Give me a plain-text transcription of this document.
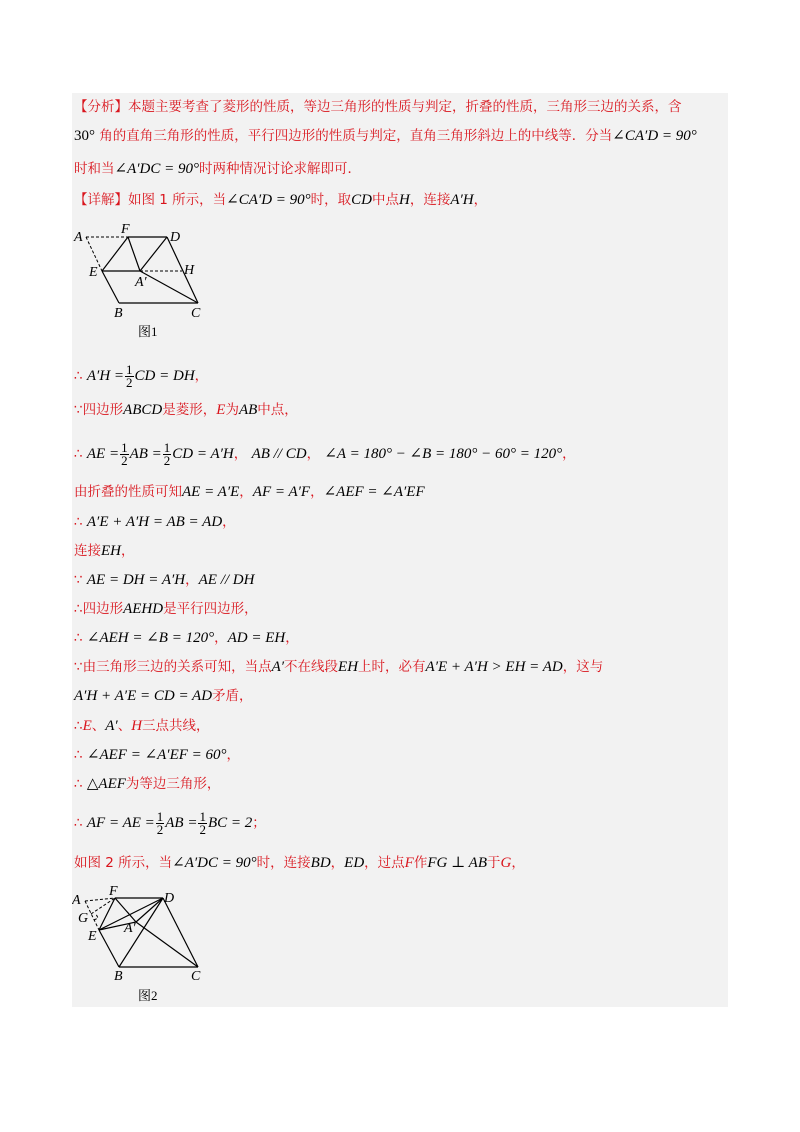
【分析】本题主要考查了菱形的性质，等边三角形的性质与判定，折叠的性质，三角形三边的关系，含
30° 角的直角三角形的性质，平行四边形的性质与判定，直角三角形斜边上的中线等．分当∠CA′D = 90°
时和当∠A′DC = 90°时两种情况讨论求解即可．
【详解】如图 1 所示，当∠CA′D = 90°时，取CD中点H，连接A′H，
A
F
D
E
A′
H
B	C
图1
∴ $A'H = \frac{1}{2}$ CD = DH，
∵四边形ABCD是菱形，E为AB中点，
∴ AE = $\frac{1}{2}$ AB = $\frac{1}{2}$ CD = A′H， AB // CD， ∠A = 180° − ∠B = 180° − 60° = 120°，
由折叠的性质可知AE = A′E，AF = A′F，∠AEF = ∠A′EF
∴ A′E + A′H = AB = AD，
连接EH，
∵ AE = DH = A′H，AE // DH
∴四边形AEHD是平行四边形，
∴ ∠AEH = ∠B = 120°，AD = EH，
∵由三角形三边的关系可知，当点A′不在线段EH上时，必有A′E + A′H > EH = AD，这与
A′H + A′E = CD = AD矛盾，
∴E、A′、H三点共线，
∴ ∠AEF = ∠A′EF = 60°，
∴ △AEF为等边三角形，
∴ AF = AE = $\frac{1}{2}$ AB = $\frac{1}{2}$ BC = 2；
如图 2 所示，当∠A′DC = 90°时，连接BD，ED，过点F作FG ⊥ AB于G，
A
F	D
G
E
A′
B	C
图2
